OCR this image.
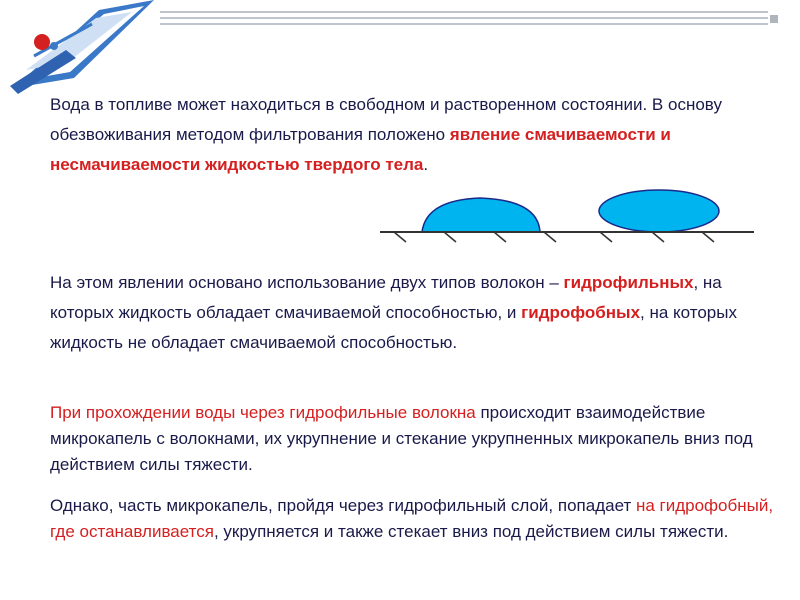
Вода в топливе может находиться в свободном и растворенном состоянии. В основу обезвоживания методом фильтрования положено явление смачиваемости и несмачиваемости жидкостью твердого тела.

На этом явлении основано использование двух типов волокон – гидрофильных, на которых жидкость обладает смачиваемой способностью, и гидрофобных, на которых жидкость не обладает смачиваемой способностью.

При прохождении воды через гидрофильные волокна происходит взаимодействие микрокапель с волокнами, их укрупнение и стекание укрупненных микрокапель вниз под действием силы тяжести.

Однако, часть микрокапель, пройдя через гидрофильный слой, попадает на гидрофобный, где останавливается, укрупняется и также стекает вниз под действием силы тяжести.
